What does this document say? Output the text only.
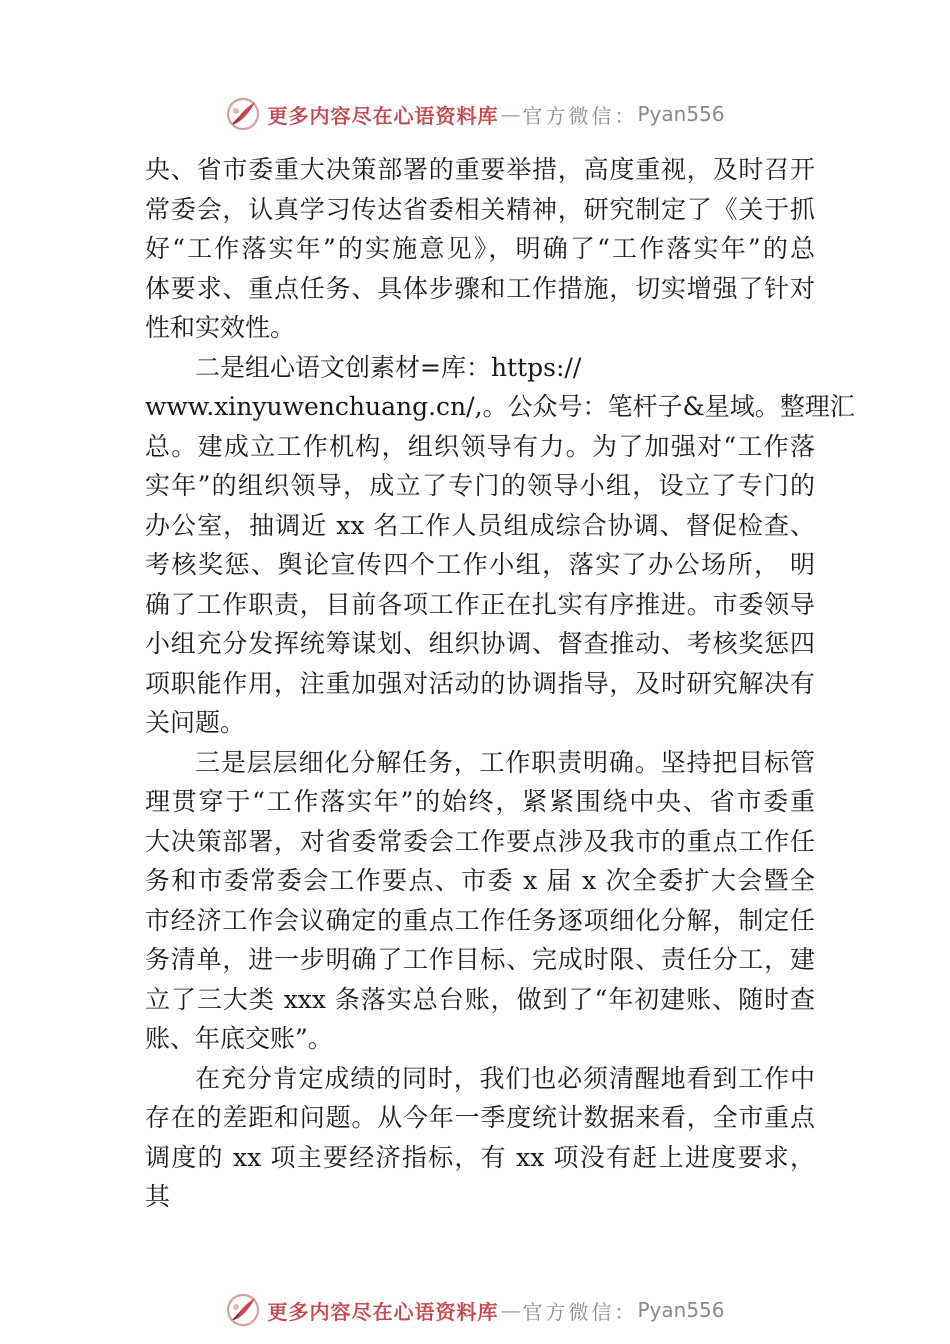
更多内容尽在心语资料库 — 官方微信： Pyan556
央、省市委重大决策部署的重要举措，高度重视，及时召开
常委会，认真学习传达省委相关精神，研究制定了《关于抓
好“工作落实年”的实施意见》，明确了“工作落实年”的总
体要求、重点任务、具体步骤和工作措施，切实增强了针对
性和实效性。
二是组心语文创素材=库：https://
www.xinyuwenchuang.cn/,。公众号：笔杆子&星域。整理汇
总。建成立工作机构，组织领导有力。为了加强对“工作落
实年”的组织领导，成立了专门的领导小组，设立了专门的
办公室，抽调近 xx 名工作人员组成综合协调、督促检查、
考核奖惩、舆论宣传四个工作小组，落实了办公场所， 明
确了工作职责，目前各项工作正在扎实有序推进。市委领导
小组充分发挥统筹谋划、组织协调、督查推动、考核奖惩四
项职能作用，注重加强对活动的协调指导，及时研究解决有
关问题。
三是层层细化分解任务，工作职责明确。坚持把目标管
理贯穿于“工作落实年”的始终，紧紧围绕中央、省市委重
大决策部署，对省委常委会工作要点涉及我市的重点工作任
务和市委常委会工作要点、市委 x 届 x 次全委扩大会暨全
市经济工作会议确定的重点工作任务逐项细化分解，制定任
务清单，进一步明确了工作目标、完成时限、责任分工，建
立了三大类 xxx 条落实总台账，做到了“年初建账、随时查
账、年底交账”。
在充分肯定成绩的同时，我们也必须清醒地看到工作中
存在的差距和问题。从今年一季度统计数据来看，全市重点
调度的 xx 项主要经济指标，有 xx 项没有赶上进度要求，
其
更多内容尽在心语资料库 — 官方微信： Pyan556
